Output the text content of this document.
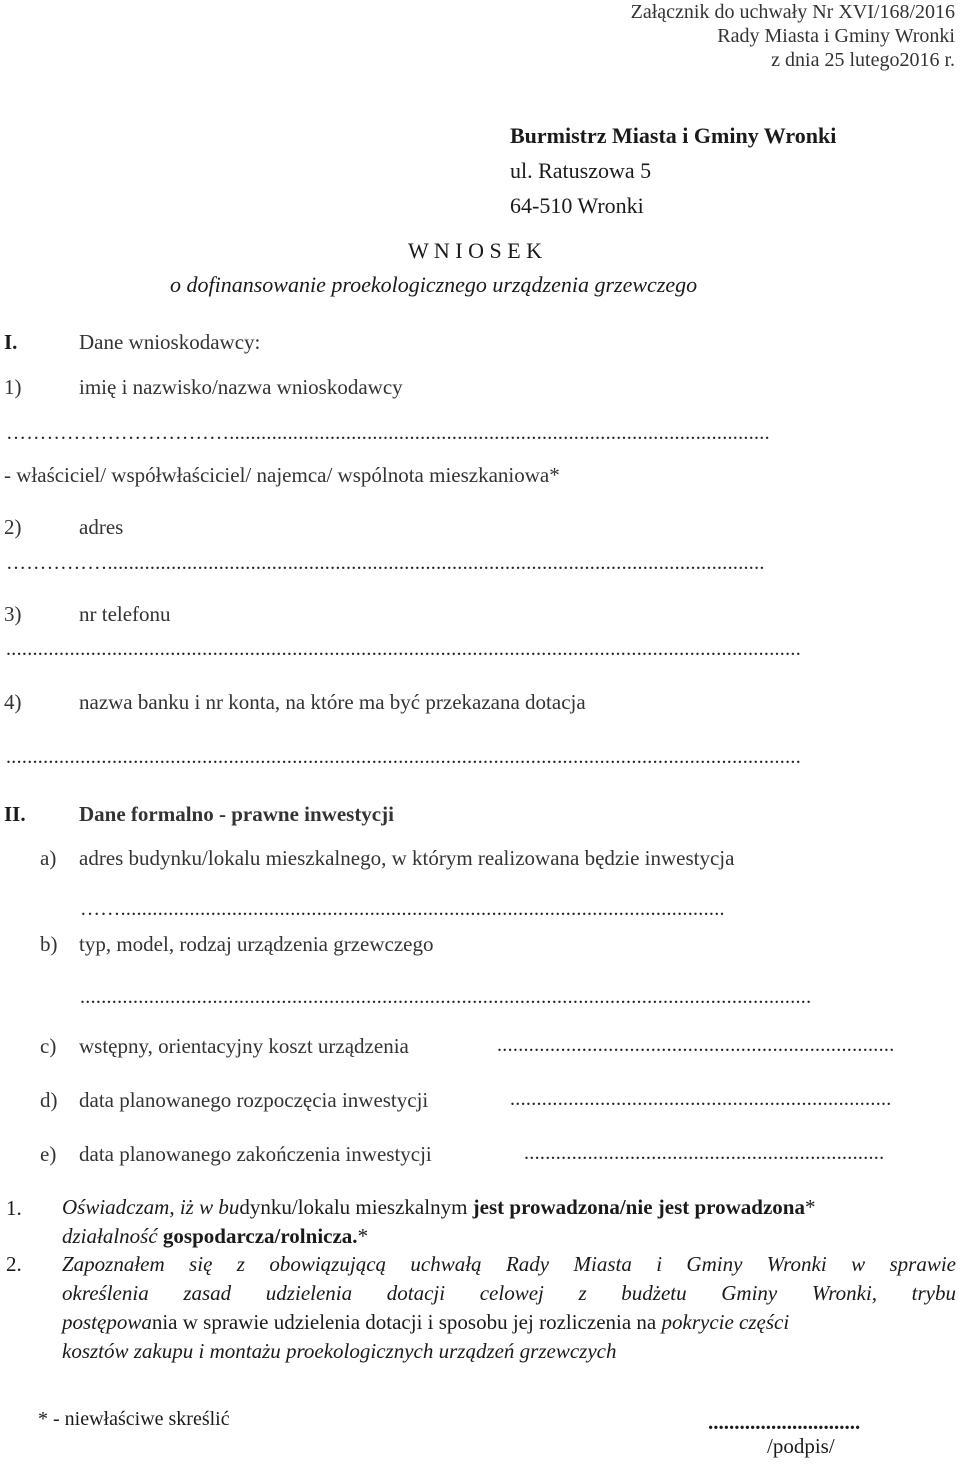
Załącznik do uchwały Nr XVI/168/2016
Rady Miasta i Gminy Wronki
z dnia 25 lutego2016 r.
Burmistrz Miasta i Gminy Wronki
ul. Ratuszowa 5
64-510 Wronki
W N I O S E K
o dofinansowanie proekologicznego urządzenia grzewczego
I.	Dane wnioskodawcy:
1)	imię i nazwisko/nazwa wnioskodawcy
……………………………......................................................................................................
- właściciel/ współwłaściciel/ najemca/ wspólnota mieszkaniowa*
2)	adres
……………............................................................................................................................
3)	nr telefonu
......................................................................................................................................................
4)	nazwa banku i nr konta, na które ma być przekazana dotacja
......................................................................................................................................................
II.	Dane formalno - prawne inwestycji
a) adres budynku/lokalu mieszkalnego, w którym realizowana będzie inwestycja
……..................................................................................................................
b) typ, model, rodzaj urządzenia grzewczego
..........................................................................................................................................
c) wstępny, orientacyjny koszt urządzenia	...........................................................................
d) data planowanego rozpoczęcia inwestycji	........................................................................
e) data planowanego zakończenia inwestycji	....................................................................
1. Oświadczam, iż w budynku/lokalu mieszkalnym jest prowadzona/nie jest prowadzona*
działalność gospodarcza/rolnicza.*
2. Zapoznałem się z obowiązującą uchwałą Rady Miasta i Gminy Wronki w sprawie
określenia zasad udzielenia dotacji celowej z budżetu Gminy Wronki, trybu
postępowania w sprawie udzielenia dotacji i sposobu jej rozliczenia na pokrycie części
kosztów zakupu i montażu proekologicznych urządzeń grzewczych
* - niewłaściwe skreślić	.............................
/podpis/
